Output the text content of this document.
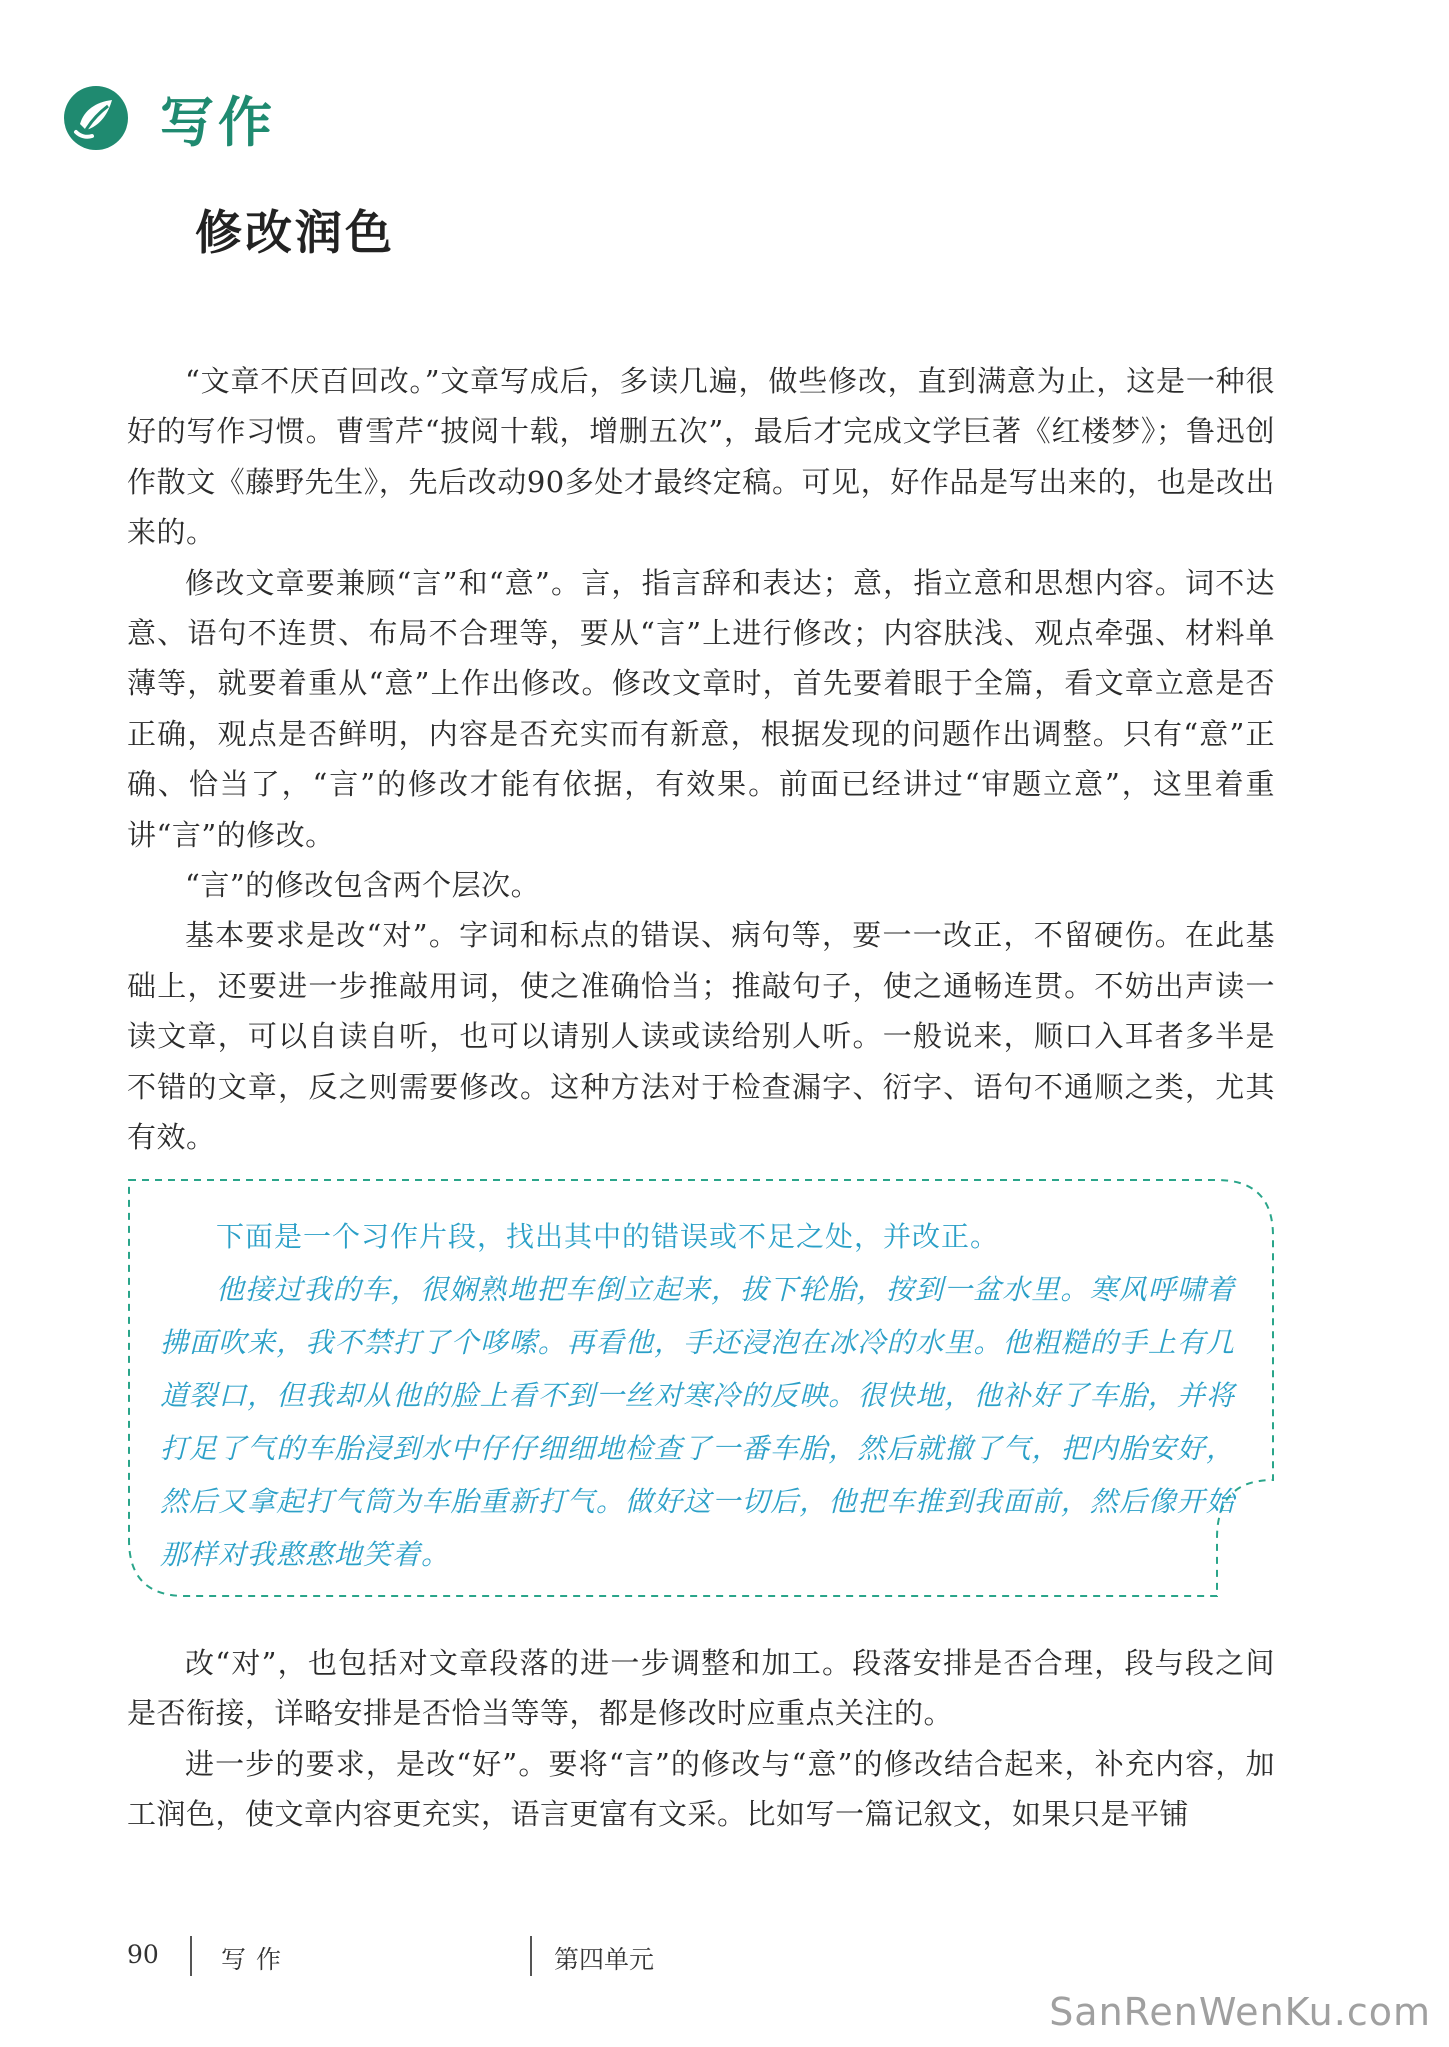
写作
修改润色

“文章不厌百回改。”文章写成后，多读几遍，做些修改，直到满意为止，这是一种很好的写作习惯。曹雪芹“披阅十载，增删五次”，最后才完成文学巨著《红楼梦》；鲁迅创作散文《藤野先生》，先后改动90多处才最终定稿。可见，好作品是写出来的，也是改出来的。

修改文章要兼顾“言”和“意”。言，指言辞和表达；意，指立意和思想内容。词不达意、语句不连贯、布局不合理等，要从“言”上进行修改；内容肤浅、观点牵强、材料单薄等，就要着重从“意”上作出修改。修改文章时，首先要着眼于全篇，看文章立意是否正确，观点是否鲜明，内容是否充实而有新意，根据发现的问题作出调整。只有“意”正确、恰当了，“言”的修改才能有依据，有效果。前面已经讲过“审题立意”，这里着重讲“言”的修改。

“言”的修改包含两个层次。

基本要求是改“对”。字词和标点的错误、病句等，要一一改正，不留硬伤。在此基础上，还要进一步推敲用词，使之准确恰当；推敲句子，使之通畅连贯。不妨出声读一读文章，可以自读自听，也可以请别人读或读给别人听。一般说来，顺口入耳者多半是不错的文章，反之则需要修改。这种方法对于检查漏字、衍字、语句不通顺之类，尤其有效。

下面是一个习作片段，找出其中的错误或不足之处，并改正。

他接过我的车，很娴熟地把车倒立起来，拔下轮胎，按到一盆水里。寒风呼啸着拂面吹来，我不禁打了个哆嗦。再看他，手还浸泡在冰冷的水里。他粗糙的手上有几道裂口，但我却从他的脸上看不到一丝对寒冷的反映。很快地，他补好了车胎，并将打足了气的车胎浸到水中仔仔细细地检查了一番车胎，然后就撤了气，把内胎安好，然后又拿起打气筒为车胎重新打气。做好这一切后，他把车推到我面前，然后像开始那样对我憨憨地笑着。

改“对”，也包括对文章段落的进一步调整和加工。段落安排是否合理，段与段之间是否衔接，详略安排是否恰当等等，都是修改时应重点关注的。

进一步的要求，是改“好”。要将“言”的修改与“意”的修改结合起来，补充内容，加工润色，使文章内容更充实，语言更富有文采。比如写一篇记叙文，如果只是平铺

90 写作	第四单元
SanRenWenKu.com
